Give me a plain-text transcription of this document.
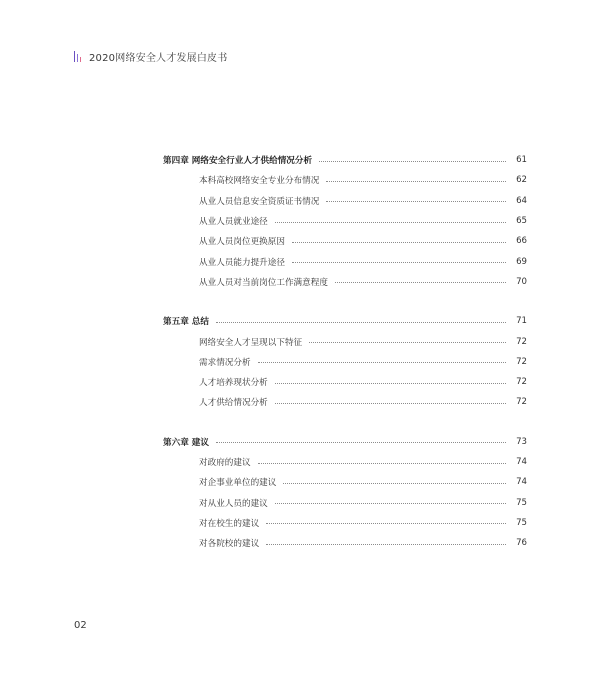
2020网络安全人才发展白皮书
第四章 网络安全行业人才供给情况分析	61
本科高校网络安全专业分布情况	62
从业人员信息安全资质证书情况	64
从业人员就业途径	65
从业人员岗位更换原因	66
从业人员能力提升途径	69
从业人员对当前岗位工作满意程度	70
第五章 总结	71
网络安全人才呈现以下特征	72
需求情况分析	72
人才培养现状分析	72
人才供给情况分析	72
第六章 建议	73
对政府的建议	74
对企事业单位的建议	74
对从业人员的建议	75
对在校生的建议	75
对各院校的建议	76
02
